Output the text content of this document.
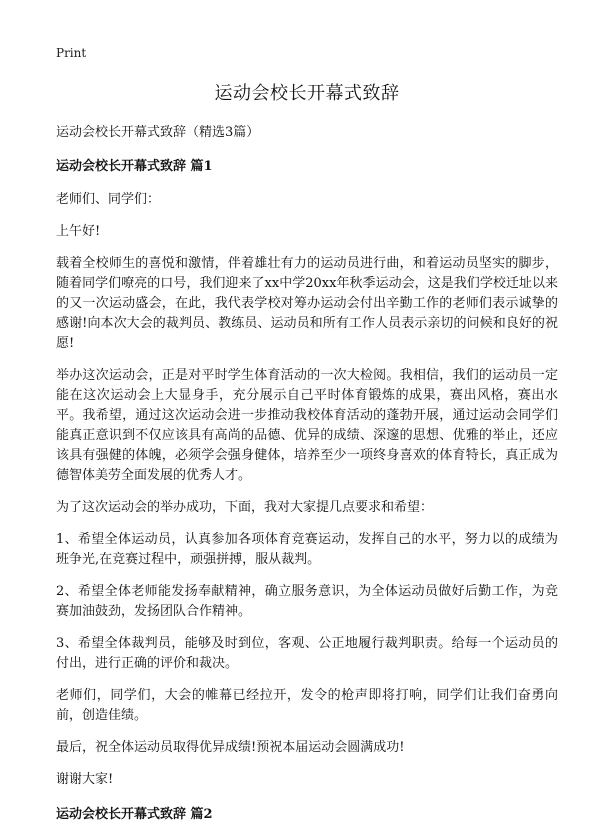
Print

运动会校长开幕式致辞

运动会校长开幕式致辞（精选3篇）

运动会校长开幕式致辞 篇1

老师们、同学们：

上午好!

载着全校师生的喜悦和激情，伴着雄壮有力的运动员进行曲，和着运动员坚实的脚步，随着同学们嘹亮的口号，我们迎来了xx中学20xx年秋季运动会，这是我们学校迁址以来的又一次运动盛会，在此，我代表学校对筹办运动会付出辛勤工作的老师们表示诚挚的感谢!向本次大会的裁判员、教练员、运动员和所有工作人员表示亲切的问候和良好的祝愿!

举办这次运动会，正是对平时学生体育活动的一次大检阅。我相信，我们的运动员一定能在这次运动会上大显身手，充分展示自己平时体育锻炼的成果，赛出风格，赛出水平。我希望，通过这次运动会进一步推动我校体育活动的蓬勃开展，通过运动会同学们能真正意识到不仅应该具有高尚的品德、优异的成绩、深邃的思想、优雅的举止，还应该具有强健的体魄，必须学会强身健体，培养至少一项终身喜欢的体育特长，真正成为德智体美劳全面发展的优秀人才。

为了这次运动会的举办成功，下面，我对大家提几点要求和希望：

1、希望全体运动员，认真参加各项体育竞赛运动，发挥自己的水平，努力以的成绩为班争光,在竞赛过程中，顽强拼搏，服从裁判。

2、希望全体老师能发扬奉献精神，确立服务意识，为全体运动员做好后勤工作，为竞赛加油鼓劲，发扬团队合作精神。

3、希望全体裁判员，能够及时到位，客观、公正地履行裁判职责。给每一个运动员的付出，进行正确的评价和裁决。

老师们，同学们，大会的帷幕已经拉开，发令的枪声即将打响，同学们让我们奋勇向前，创造佳绩。

最后，祝全体运动员取得优异成绩!预祝本届运动会圆满成功!

谢谢大家!

运动会校长开幕式致辞 篇2
